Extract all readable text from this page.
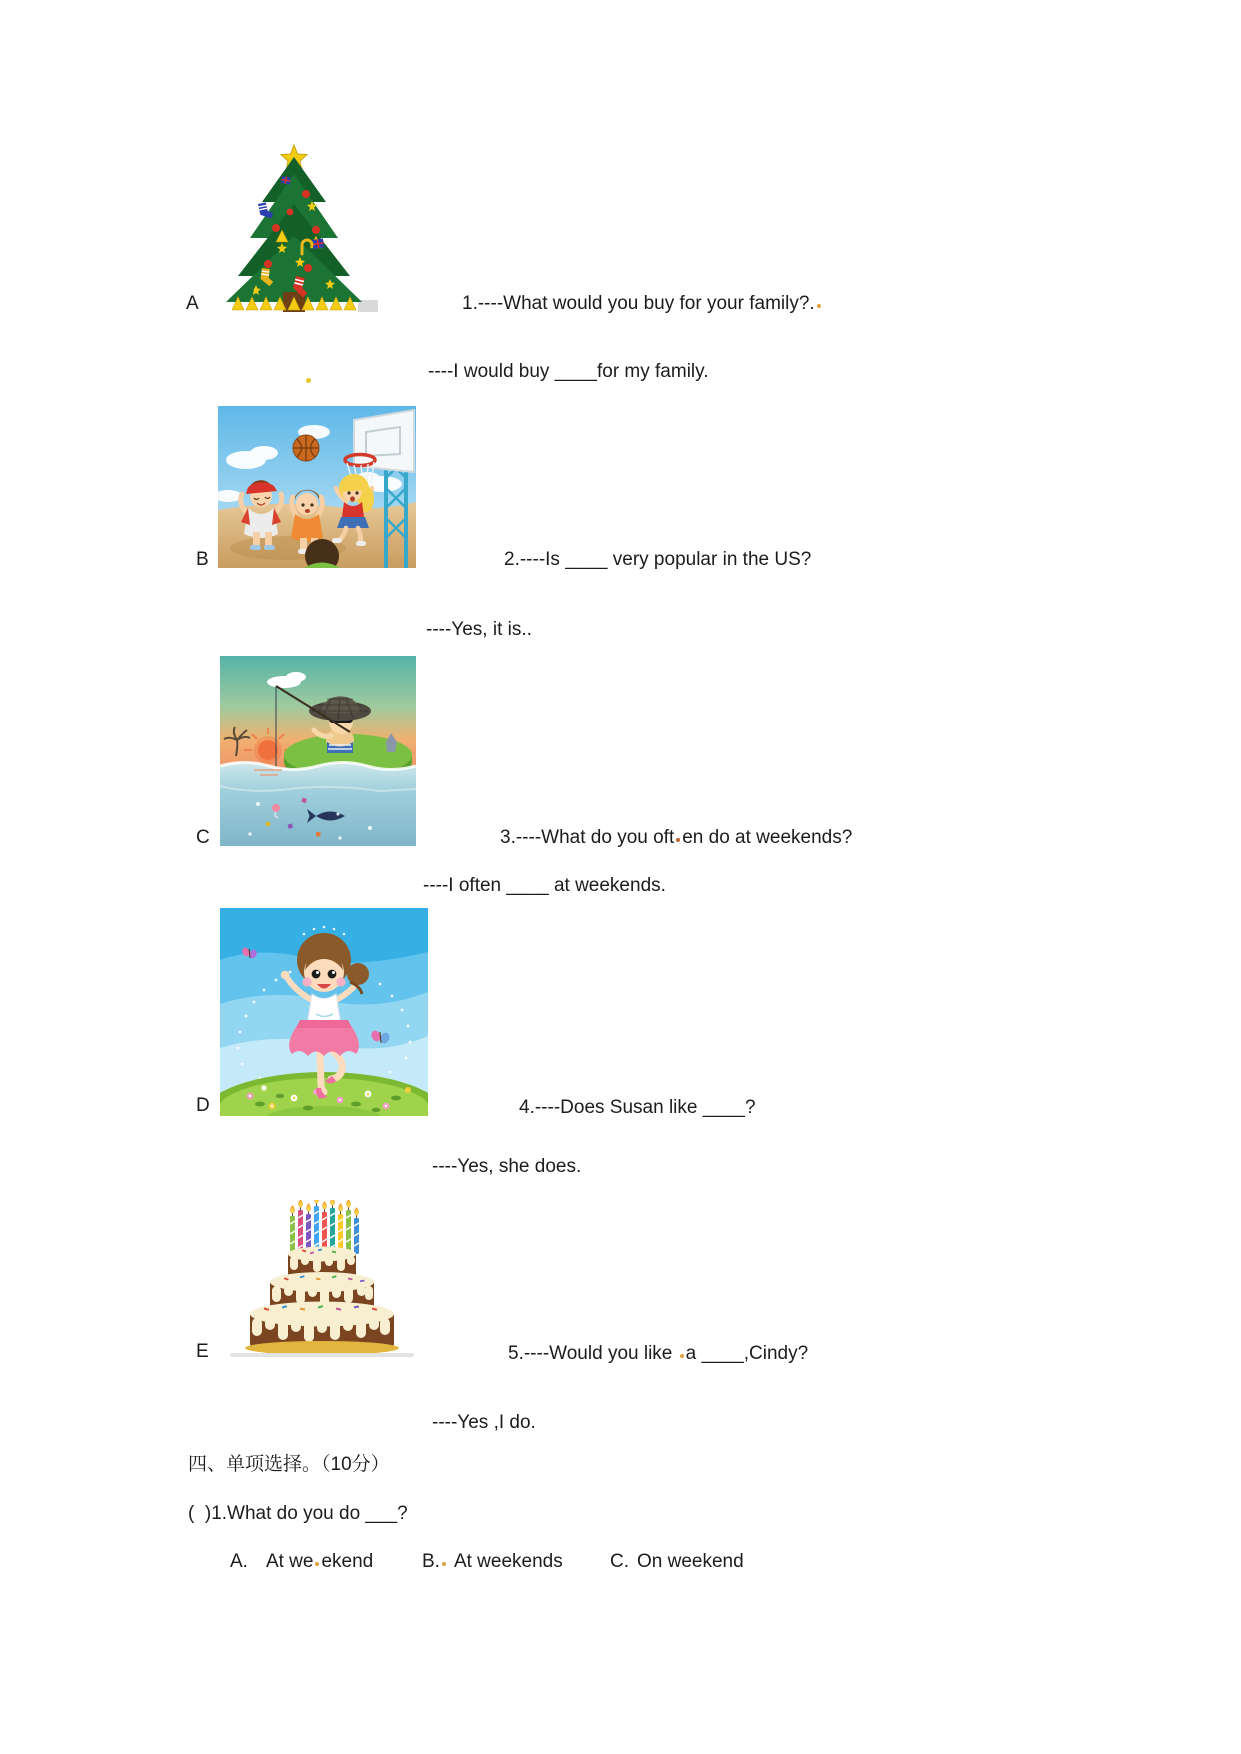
A	1.----What would you buy for your family?.
----I would buy ____for my family.
B	2.----Is ____ very popular in the US?
----Yes, it is..
C	3.----What do you oft en do at weekends?
----I often ____ at weekends.
D	4.----Does Susan like ____?
----Yes, she does.
E	5.----Would you like a ____,Cindy?
----Yes ,I do.
四、单项选择。（10分）
(  )1.What do you do ___?
A. At we ekend	B. At weekends C. On weekend
